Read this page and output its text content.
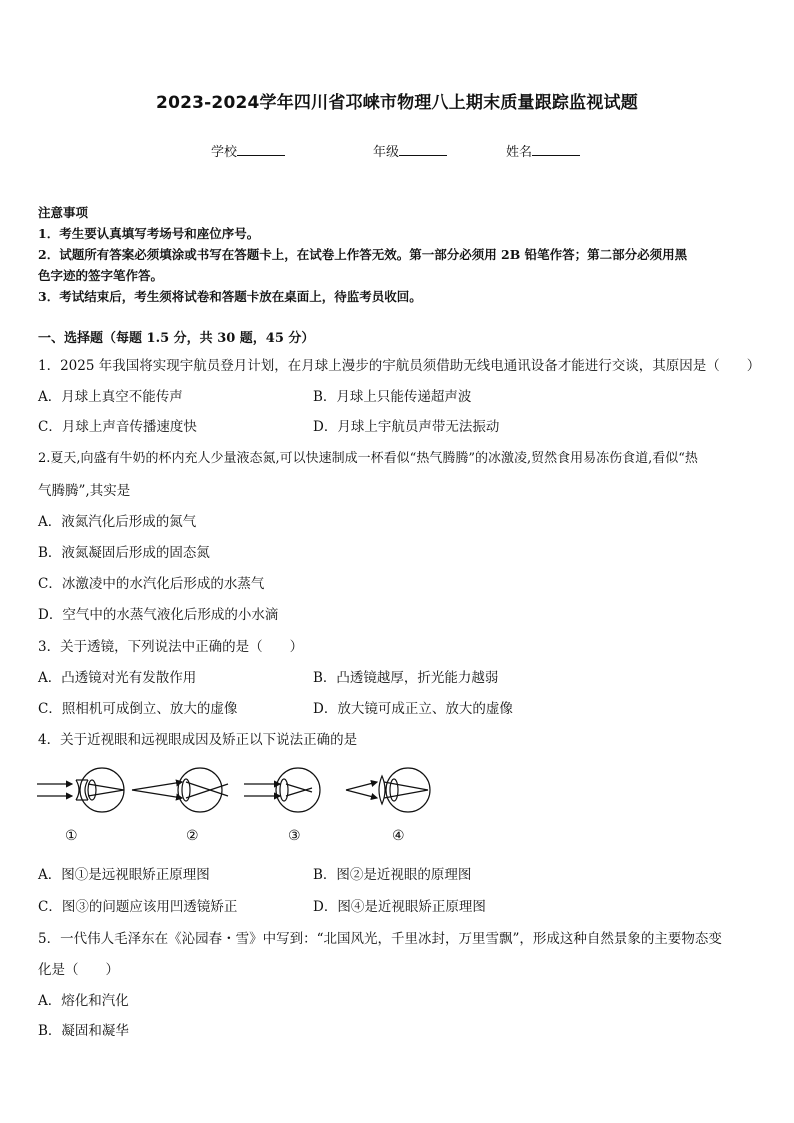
2023-2024学年四川省邛崃市物理八上期末质量跟踪监视试题
学校	年级	姓名
注意事项
1．考生要认真填写考场号和座位序号。
2．试题所有答案必须填涂或书写在答题卡上，在试卷上作答无效。第一部分必须用 2B 铅笔作答；第二部分必须用黑
色字迹的签字笔作答。
3．考试结束后，考生须将试卷和答题卡放在桌面上，待监考员收回。
一、选择题（每题 1.5 分，共 30 题，45 分）
1．2025 年我国将实现宇航员登月计划，在月球上漫步的宇航员须借助无线电通讯设备才能进行交谈，其原因是（　　）
A．月球上真空不能传声	B．月球上只能传递超声波
C．月球上声音传播速度快	D．月球上宇航员声带无法振动
2.夏天,向盛有牛奶的杯内充人少量液态氮,可以快速制成一杯看似“热气腾腾”的冰激凌,贸然食用易冻伤食道,看似“热
气腾腾”,其实是
A．液氮汽化后形成的氮气
B．液氮凝固后形成的固态氮
C．冰激凌中的水汽化后形成的水蒸气
D．空气中的水蒸气液化后形成的小水滴
3．关于透镜，下列说法中正确的是（　　）
A．凸透镜对光有发散作用	B．凸透镜越厚，折光能力越弱
C．照相机可成倒立、放大的虚像	D．放大镜可成正立、放大的虚像
4．关于近视眼和远视眼成因及矫正以下说法正确的是
①	②	③	④
A．图①是远视眼矫正原理图	B．图②是近视眼的原理图
C．图③的问题应该用凹透镜矫正	D．图④是近视眼矫正原理图
5．一代伟人毛泽东在《沁园春・雪》中写到：“北国风光，千里冰封，万里雪飘”，形成这种自然景象的主要物态变
化是（　　）
A．熔化和汽化
B．凝固和凝华
